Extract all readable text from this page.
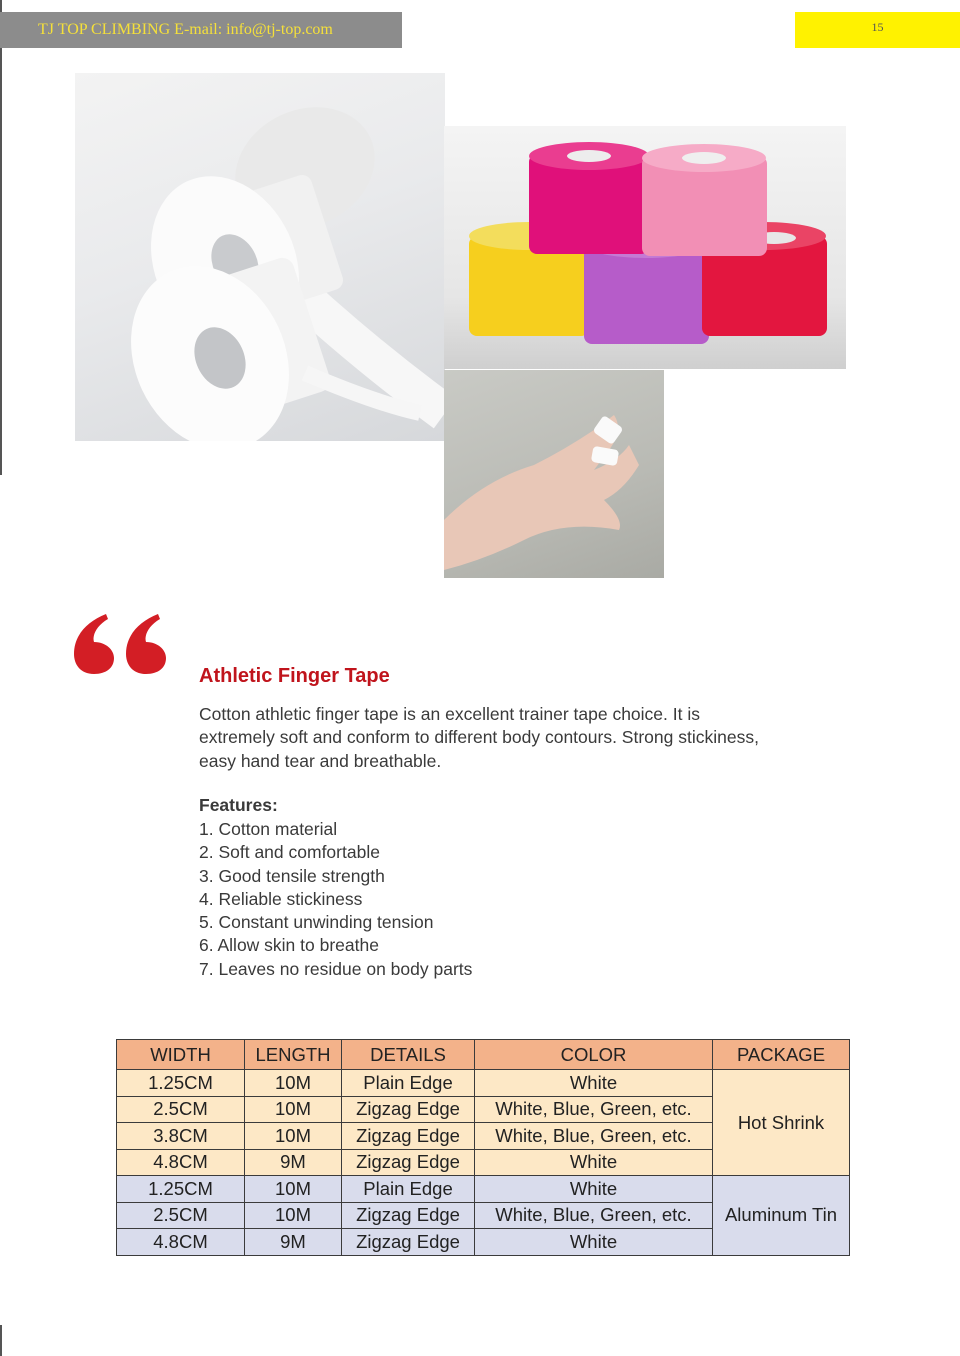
TJ TOP CLIMBING E-mail: info@tj-top.com	15
Athletic Finger Tape
Cotton athletic finger tape is an excellent trainer tape choice. It is extremely soft and conform to different body contours. Strong stickiness, easy hand tear and breathable.
Features:
1. Cotton material
2. Soft and comfortable
3. Good tensile strength
4. Reliable stickiness
5. Constant unwinding tension
6. Allow skin to breathe
7. Leaves no residue on body parts
WIDTH	LENGTH	DETAILS	COLOR	PACKAGE
1.25CM	10M	Plain Edge	White	Hot Shrink
2.5CM	10M	Zigzag Edge	White, Blue, Green, etc.	
3.8CM	10M	Zigzag Edge	White, Blue, Green, etc.	
4.8CM	9M	Zigzag Edge	White	
1.25CM	10M	Plain Edge	White	Aluminum Tin
2.5CM	10M	Zigzag Edge	White, Blue, Green, etc.	
4.8CM	9M	Zigzag Edge	White	
